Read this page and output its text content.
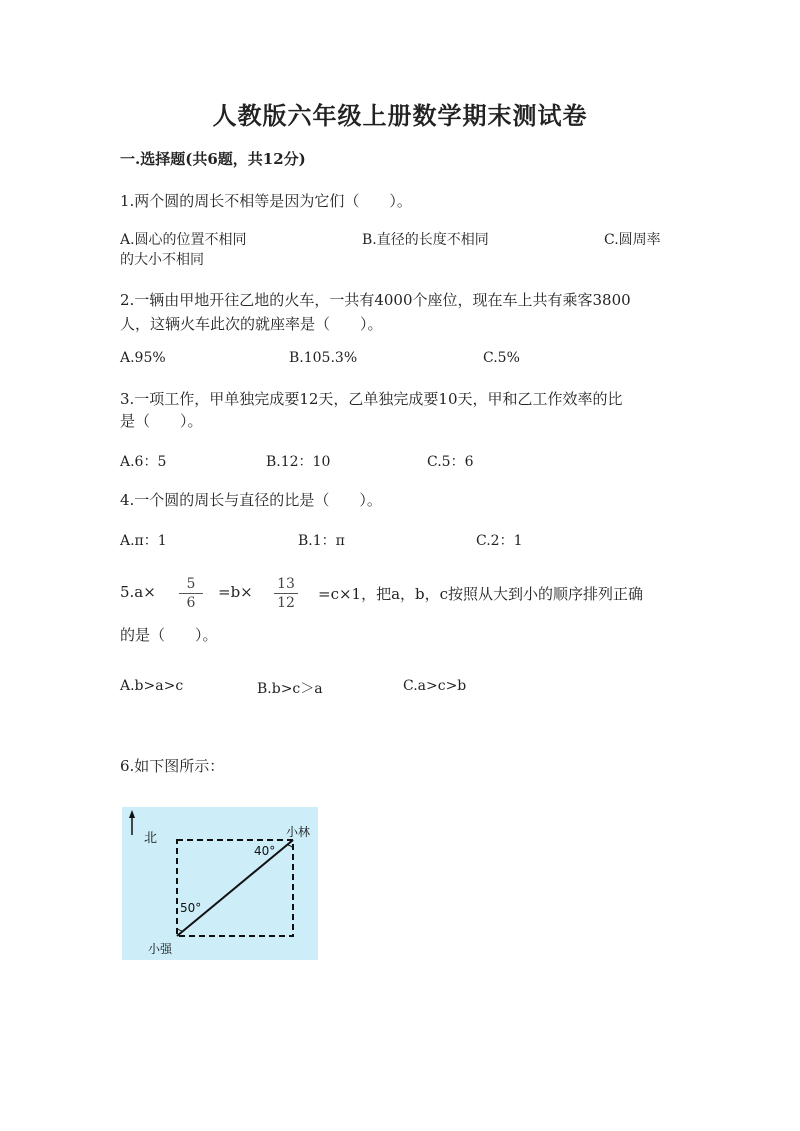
人教版六年级上册数学期末测试卷
一.选择题(共6题，共12分)
1.两个圆的周长不相等是因为它们（　　）。
A.圆心的位置不相同	B.直径的长度不相同	C.圆周率
的大小不相同
2.一辆由甲地开往乙地的火车，一共有4000个座位，现在车上共有乘客3800
人，这辆火车此次的就座率是（　　）。
A.95%	B.105.3%	C.5%
3.一项工作，甲单独完成要12天，乙单独完成要10天，甲和乙工作效率的比
是（　　）。
A.6：5	B.12：10	C.5：6
4.一个圆的周长与直径的比是（　　）。
A.π：1	B.1：π	C.2：1
5.a×	5
6
=b×	13
12	=c×1，把a，b，c按照从大到小的顺序排列正确
的是（　　）。
A.b>a>c	B.b>c＞a	C.a>c>b
6.如下图所示：
北	小林
40°
50°
小强
